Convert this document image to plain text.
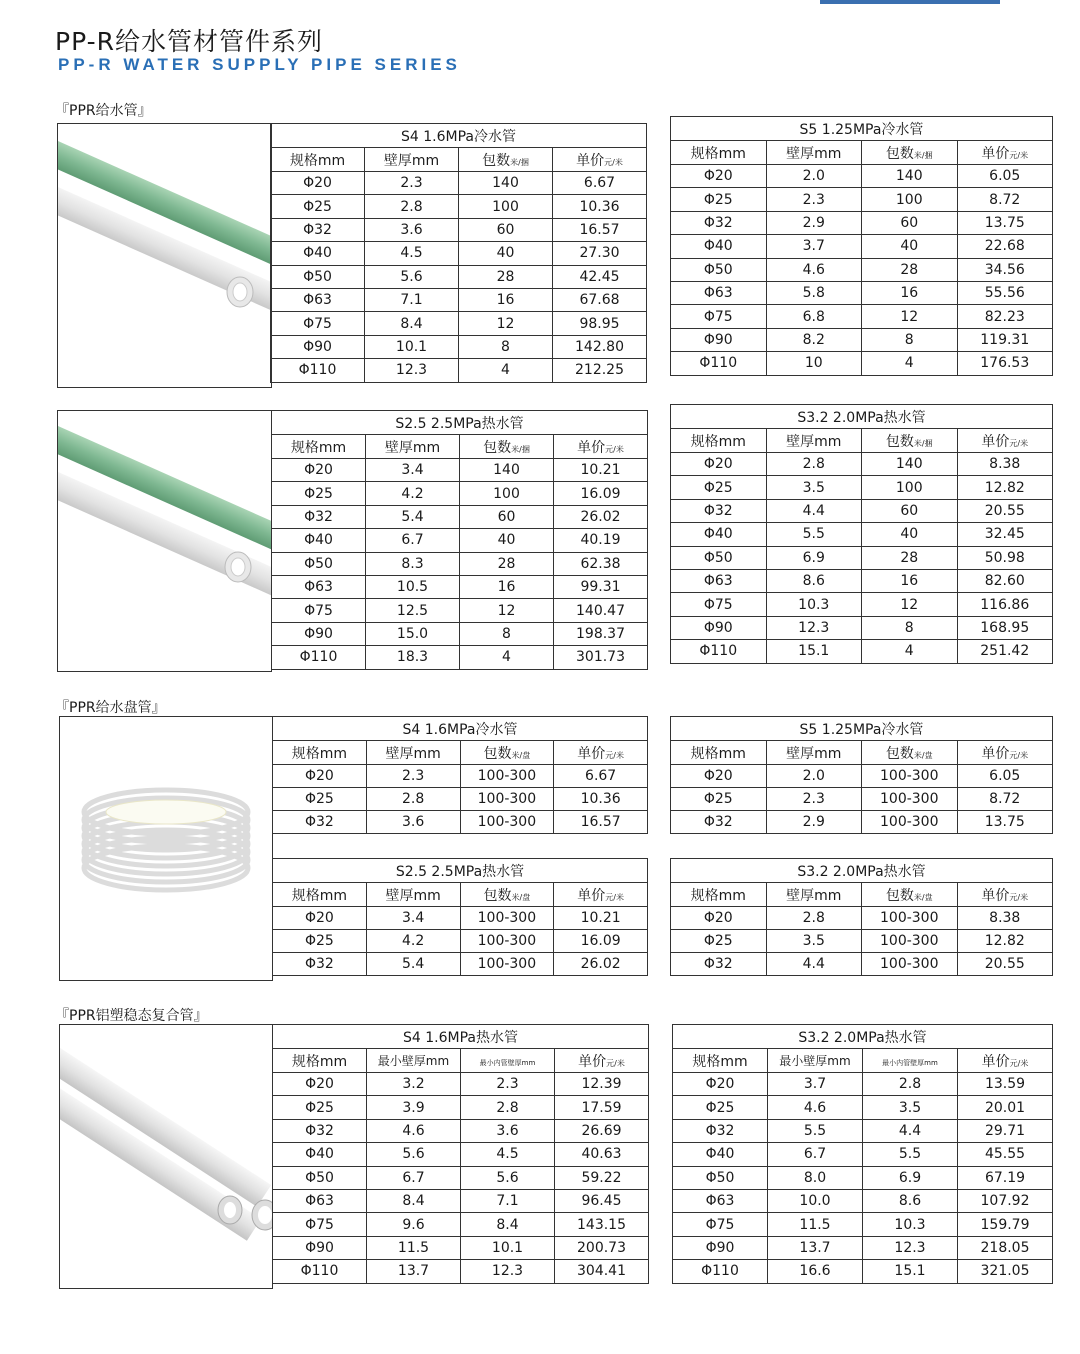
PP-R给水管材管件系列
PP-R WATER SUPPLY PIPE SERIES
『PPR给水管』
『PPR给水盘管』
『PPR铝塑稳态复合管』
S4 1.6MPa冷水管			
规格mm	壁厚mm	包数米/捆	单价元/米
Φ20	2.3	140	6.67
Φ25	2.8	100	10.36
Φ32	3.6	60	16.57
Φ40	4.5	40	27.30
Φ50	5.6	28	42.45
Φ63	7.1	16	67.68
Φ75	8.4	12	98.95
Φ90	10.1	8	142.80
Φ110	12.3	4	212.25
S5 1.25MPa冷水管			
规格mm	壁厚mm	包数米/捆	单价元/米
Φ20	2.0	140	6.05
Φ25	2.3	100	8.72
Φ32	2.9	60	13.75
Φ40	3.7	40	22.68
Φ50	4.6	28	34.56
Φ63	5.8	16	55.56
Φ75	6.8	12	82.23
Φ90	8.2	8	119.31
Φ110	10	4	176.53
S2.5 2.5MPa热水管			
规格mm	壁厚mm	包数米/捆	单价元/米
Φ20	3.4	140	10.21
Φ25	4.2	100	16.09
Φ32	5.4	60	26.02
Φ40	6.7	40	40.19
Φ50	8.3	28	62.38
Φ63	10.5	16	99.31
Φ75	12.5	12	140.47
Φ90	15.0	8	198.37
Φ110	18.3	4	301.73
S3.2 2.0MPa热水管			
规格mm	壁厚mm	包数米/捆	单价元/米
Φ20	2.8	140	8.38
Φ25	3.5	100	12.82
Φ32	4.4	60	20.55
Φ40	5.5	40	32.45
Φ50	6.9	28	50.98
Φ63	8.6	16	82.60
Φ75	10.3	12	116.86
Φ90	12.3	8	168.95
Φ110	15.1	4	251.42
S4 1.6MPa冷水管			
规格mm	壁厚mm	包数米/盘	单价元/米
Φ20	2.3	100-300	6.67
Φ25	2.8	100-300	10.36
Φ32	3.6	100-300	16.57
S5 1.25MPa冷水管			
规格mm	壁厚mm	包数米/盘	单价元/米
Φ20	2.0	100-300	6.05
Φ25	2.3	100-300	8.72
Φ32	2.9	100-300	13.75
S2.5 2.5MPa热水管			
规格mm	壁厚mm	包数米/盘	单价元/米
Φ20	3.4	100-300	10.21
Φ25	4.2	100-300	16.09
Φ32	5.4	100-300	26.02
S3.2 2.0MPa热水管			
规格mm	壁厚mm	包数米/盘	单价元/米
Φ20	2.8	100-300	8.38
Φ25	3.5	100-300	12.82
Φ32	4.4	100-300	20.55
S4 1.6MPa热水管			
规格mm	最小壁厚mm	最小内管壁厚mm	单价元/米
Φ20	3.2	2.3	12.39
Φ25	3.9	2.8	17.59
Φ32	4.6	3.6	26.69
Φ40	5.6	4.5	40.63
Φ50	6.7	5.6	59.22
Φ63	8.4	7.1	96.45
Φ75	9.6	8.4	143.15
Φ90	11.5	10.1	200.73
Φ110	13.7	12.3	304.41
S3.2 2.0MPa热水管			
规格mm	最小壁厚mm	最小内管壁厚mm	单价元/米
Φ20	3.7	2.8	13.59
Φ25	4.6	3.5	20.01
Φ32	5.5	4.4	29.71
Φ40	6.7	5.5	45.55
Φ50	8.0	6.9	67.19
Φ63	10.0	8.6	107.92
Φ75	11.5	10.3	159.79
Φ90	13.7	12.3	218.05
Φ110	16.6	15.1	321.05
